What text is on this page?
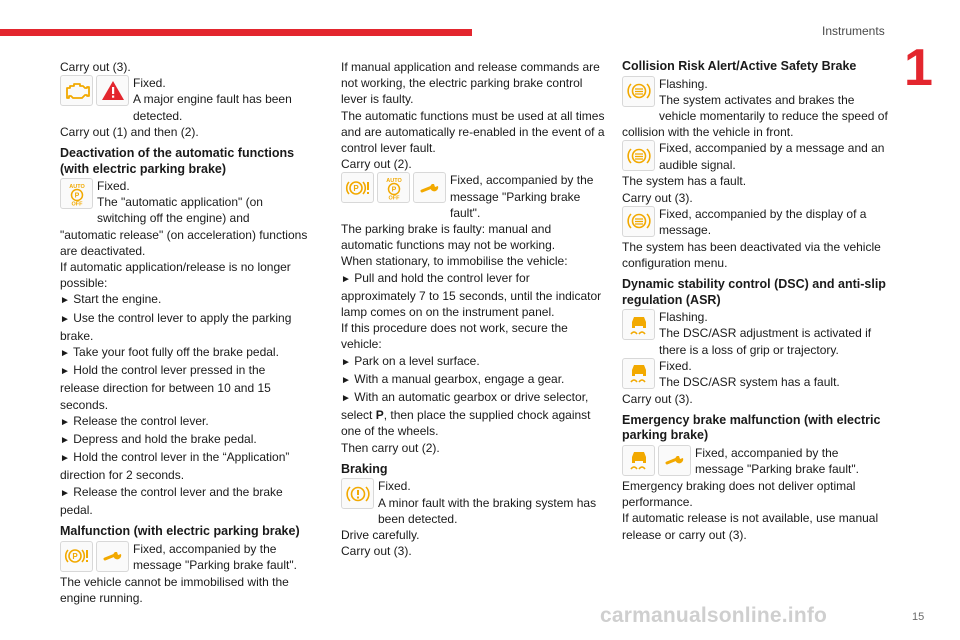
Instruments
1

Carry out (3).

Fixed.

A major engine fault has been detected.

Carry out (1) and then (2).

Deactivation of the automatic functions (with electric parking brake)

Fixed.

The "automatic application" (on switching off the engine) and "automatic release" (on acceleration) functions are deactivated.

If automatic application/release is no longer possible:

► Start the engine.

► Use the control lever to apply the parking brake.

► Take your foot fully off the brake pedal.

► Hold the control lever pressed in the release direction for between 10 and 15 seconds.

► Release the control lever.

► Depress and hold the brake pedal.

► Hold the control lever in the “Application” direction for 2 seconds.

► Release the control lever and the brake pedal.

Malfunction (with electric parking brake)

Fixed, accompanied by the message "Parking brake fault".

The vehicle cannot be immobilised with the engine running.

If manual application and release commands are not working, the electric parking brake control lever is faulty.

The automatic functions must be used at all times and are automatically re-enabled in the event of a control lever fault.

Carry out (2).

Fixed, accompanied by the message "Parking brake fault".

The parking brake is faulty: manual and automatic functions may not be working.

When stationary, to immobilise the vehicle:

► Pull and hold the control lever for approximately 7 to 15 seconds, until the indicator lamp comes on on the instrument panel.

If this procedure does not work, secure the vehicle:

► Park on a level surface.

► With a manual gearbox, engage a gear.

► With an automatic gearbox or drive selector, select P, then place the supplied chock against one of the wheels.

Then carry out (2).

Braking

Fixed.

A minor fault with the braking system has been detected.

Drive carefully.

Carry out (3).

Collision Risk Alert/Active Safety Brake

Flashing.

The system activates and brakes the vehicle momentarily to reduce the speed of collision with the vehicle in front.

Fixed, accompanied by a message and an audible signal.

The system has a fault.

Carry out (3).

Fixed, accompanied by the display of a message.

The system has been deactivated via the vehicle configuration menu.

Dynamic stability control (DSC) and anti-slip regulation (ASR)

Flashing.

The DSC/ASR adjustment is activated if there is a loss of grip or trajectory.

Fixed.

The DSC/ASR system has a fault.

Carry out (3).

Emergency brake malfunction (with electric parking brake)

Fixed, accompanied by the message "Parking brake fault".

Emergency braking does not deliver optimal performance.

If automatic release is not available, use manual release or carry out (3).

carmanualsonline.info	15
